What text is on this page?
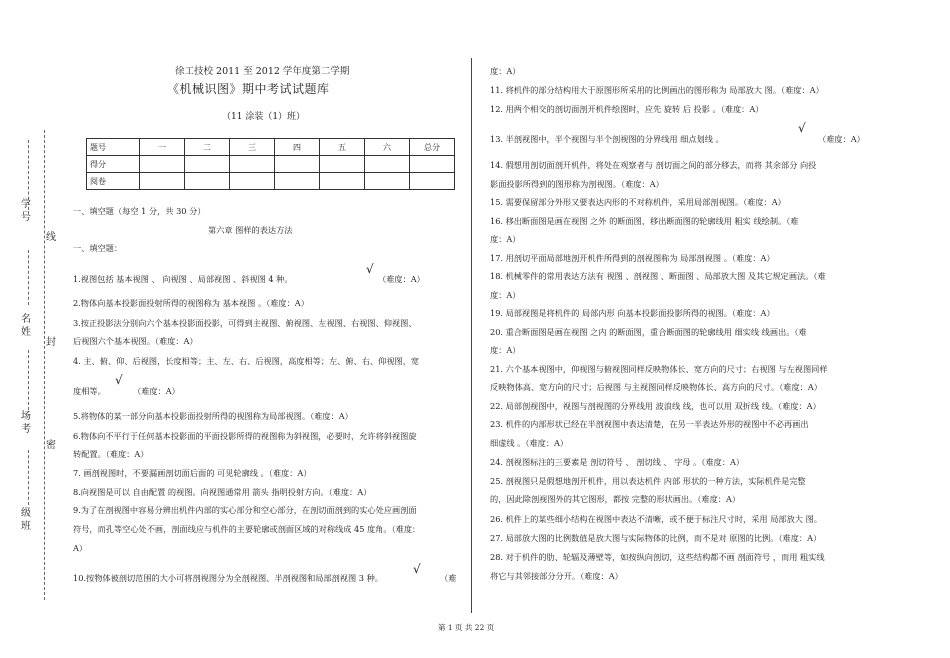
徐工技校 2011 至 2012 学年度第二学期
《机械识图》期中考试试题库
（11 涂装（1）班）
题号	一	二	三	四	五	六	总分
得分							
阅卷							
学号
名姓
场考
级班
线
封
密
一、填空题（每空 1 分，共 30 分）
第六章 图样的表达方法
一、填空题：
1.视图包括 基本视图 、 向视图 、局部视图 、斜视图 4 种。
√
（难度：A）
2.物体向基本投影面投射所得的视图称为 基本视图 。（难度：A）
3.按正投影法分别向六个基本投影面投影，可得到主视图、俯视图、左视图、右视图、仰视图、
后视图六个基本视图。（难度：A）
4. 主、俯、仰、后视图，长度相等；主、左、右、后视图，高度相等；左、俯、右、仰视图，宽
度相等。
√
（难度：A）
5.将物体的某一部分向基本投影面投射所得的视图称为局部视图。（难度：A）
6.物体向不平行于任何基本投影面的平面投影所得的视图称为斜视图，必要时，允许将斜视图旋
转配置。（难度：A）
7. 画剖视图时，不要漏画剖切面后面的 可见轮廓线 。（难度：A）
8.向视图是可以 自由配置 的视图。向视图通常用 箭头 指明投射方向。（难度：A）
9.为了在剖视图中容易分辨出机件内部的实心部分和空心部分，在剖切面剖到的实心处应画剖面
符号，而孔等空心处不画，剖面线应与机件的主要轮廓或剖面区域的对称线成 45 度角。（难度：
A）
10.按物体被剖切范围的大小可将剖视图分为全剖视图、半剖视图和局部剖视图 3 种。
√
（难
度：A）
11. 将机件的部分结构用大于原图形所采用的比例画出的图形称为 局部放大 图。（难度：A）
12. 用两个相交的剖切面剖开机件绘图时，应先 旋转 后 投影 。（难度：A）
13. 半剖视图中，半个视图与半个剖视图的分界线用 细点划线 。
√
（难度：A）
14. 假想用剖切面剖开机件，将处在观察者与 剖切面之间的部分移去，而将 其余部分 向投
影面投影所得到的图形称为剖视图。（难度：A）
15. 需要保留部分外形又要表达内形的不对称机件，采用局部剖视图。（难度：A）
16. 移出断面图是画在视图 之外 的断面图，移出断面图的轮廓线用 粗实 线绘制。（难
度：A）
17. 用剖切平面局部地剖开机件所得到的剖视图称为 局部剖视图 。（难度：A）
18. 机械零件的常用表达方法有 视图 、剖视图 、断面图 、局部放大图 及其它规定画法。（难
度：A）
19. 局部视图是将机件的 局部内形 向基本投影面投影所得的视图。（难度：A）
20. 重合断面图是画在视图 之内 的断面图，重合断面图的轮廓线用 细实线 线画出。（难
度：A）
21. 六个基本视图中，仰视图与俯视图同样反映物体长、宽方向的尺寸；右视图 与左视图同样
反映物体高、宽方向的尺寸；后视图 与主视图同样反映物体长、高方向的尺寸。（难度：A）
22. 局部剖视图中，视图与剖视图的分界线用 波浪线 线，也可以用 双折线 线。（难度：A）
23. 机件的内部形状已经在半剖视图中表达清楚，在另一半表达外形的视图中不必再画出
细虚线 。（难度：A）
24. 剖视图标注的三要素是 剖切符号 、 剖切线 、 字母 。（难度：A）
25. 剖视图只是假想地剖开机件，用以表达机件 内部 形状的一种方法，实际机件是完整
的，因此除剖视图外的其它图形，都按 完整的形状画出。（难度：A）
26. 机件上的某些细小结构在视图中表达不清晰，或不便于标注尺寸时，采用 局部放大 图。
27. 局部放大图的比例数值是放大图与实际物体的比例，而不是对 原图的比例。（难度：A）
28. 对于机件的肋、轮辐及薄壁等，如按纵向剖切，这些结构都不画 剖面符号 ，而用 粗实线
将它与其邻接部分分开。（难度：A）
第 1 页 共 22 页
